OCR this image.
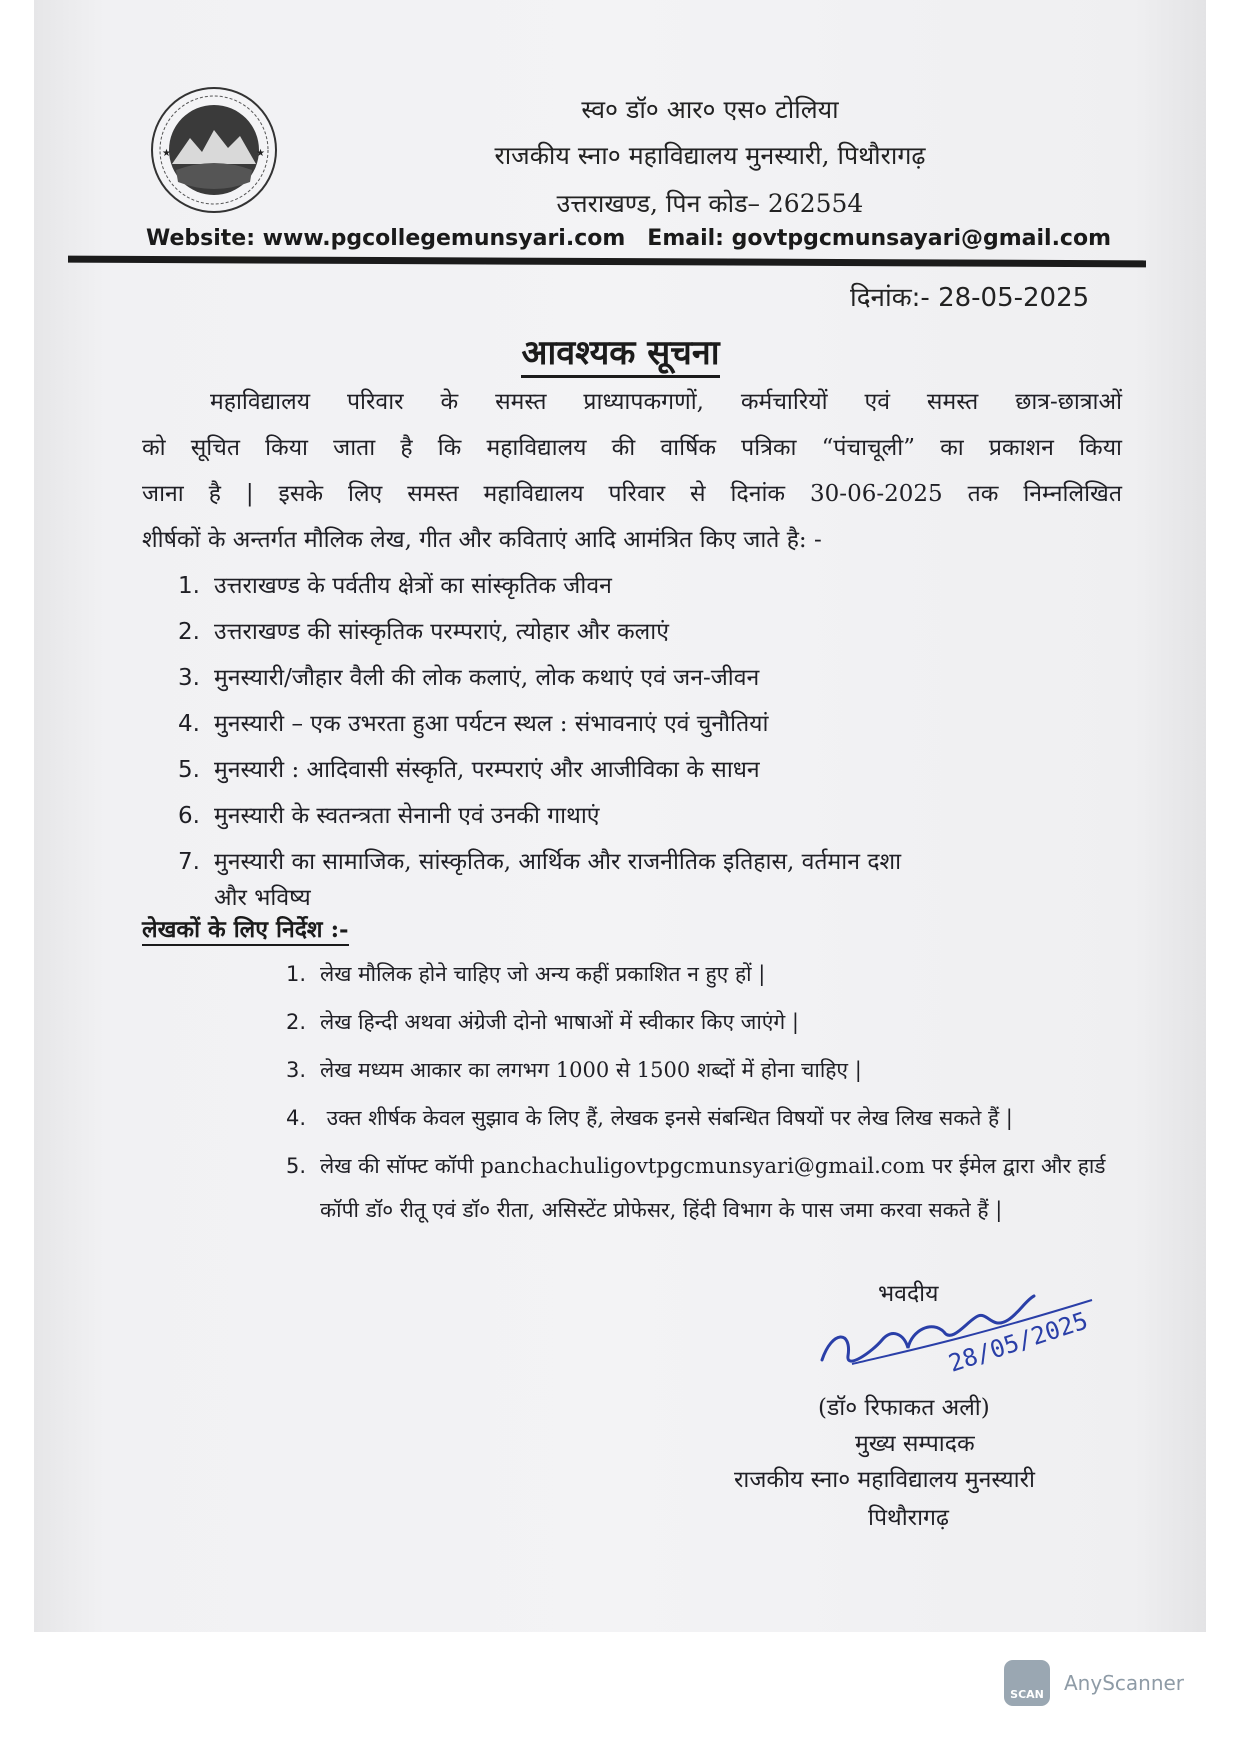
★	★
स्व० डॉ० आर० एस० टोलिया
राजकीय स्ना० महाविद्यालय मुनस्यारी, पिथौरागढ़
उत्तराखण्ड, पिन कोड– 262554
Website: www.pgcollegemunsyari.com Email: govtpgcmunsayari@gmail.com
दिनांक:- 28-05-2025
आवश्यक सूचना
महाविद्यालय परिवार के समस्त प्राध्यापकगणों, कर्मचारियों एवं समस्त छात्र-छात्राओं
को सूचित किया जाता है कि महाविद्यालय की वार्षिक पत्रिका “पंचाचूली” का प्रकाशन किया
जाना है | इसके लिए समस्त महाविद्यालय परिवार से दिनांक 30-06-2025 तक निम्नलिखित
शीर्षकों के अन्तर्गत मौलिक लेख, गीत और कविताएं आदि आमंत्रित किए जाते है: -
1. उत्तराखण्ड के पर्वतीय क्षेत्रों का सांस्कृतिक जीवन
2. उत्तराखण्ड की सांस्कृतिक परम्पराएं, त्योहार और कलाएं
3. मुनस्यारी/जौहार वैली की लोक कलाएं, लोक कथाएं एवं जन-जीवन
4. मुनस्यारी – एक उभरता हुआ पर्यटन स्थल : संभावनाएं एवं चुनौतियां
5. मुनस्यारी : आदिवासी संस्कृति, परम्पराएं और आजीविका के साधन
6. मुनस्यारी के स्वतन्त्रता सेनानी एवं उनकी गाथाएं
7. मुनस्यारी का सामाजिक, सांस्कृतिक, आर्थिक और राजनीतिक इतिहास, वर्तमान दशा
और भविष्य
लेखकों के लिए निर्देश :-
1. लेख मौलिक होने चाहिए जो अन्य कहीं प्रकाशित न हुए हों |
2. लेख हिन्दी अथवा अंग्रेजी दोनो भाषाओं में स्वीकार किए जाएंगे |
3. लेख मध्यम आकार का लगभग 1000 से 1500 शब्दों में होना चाहिए |
4. उक्त शीर्षक केवल सुझाव के लिए हैं, लेखक इनसे संबन्धित विषयों पर लेख लिख सकते हैं |
5. लेख की सॉफ्ट कॉपी panchachuligovtpgcmunsyari@gmail.com पर ईमेल द्वारा और हार्ड
कॉपी डॉ० रीतू एवं डॉ० रीता, असिस्टेंट प्रोफेसर, हिंदी विभाग के पास जमा करवा सकते हैं |
भवदीय
28/05/2025
(डॉ० रिफाकत अली)
मुख्य सम्पादक
राजकीय स्ना० महाविद्यालय मुनस्यारी
पिथौरागढ़
SCAN	AnyScanner
